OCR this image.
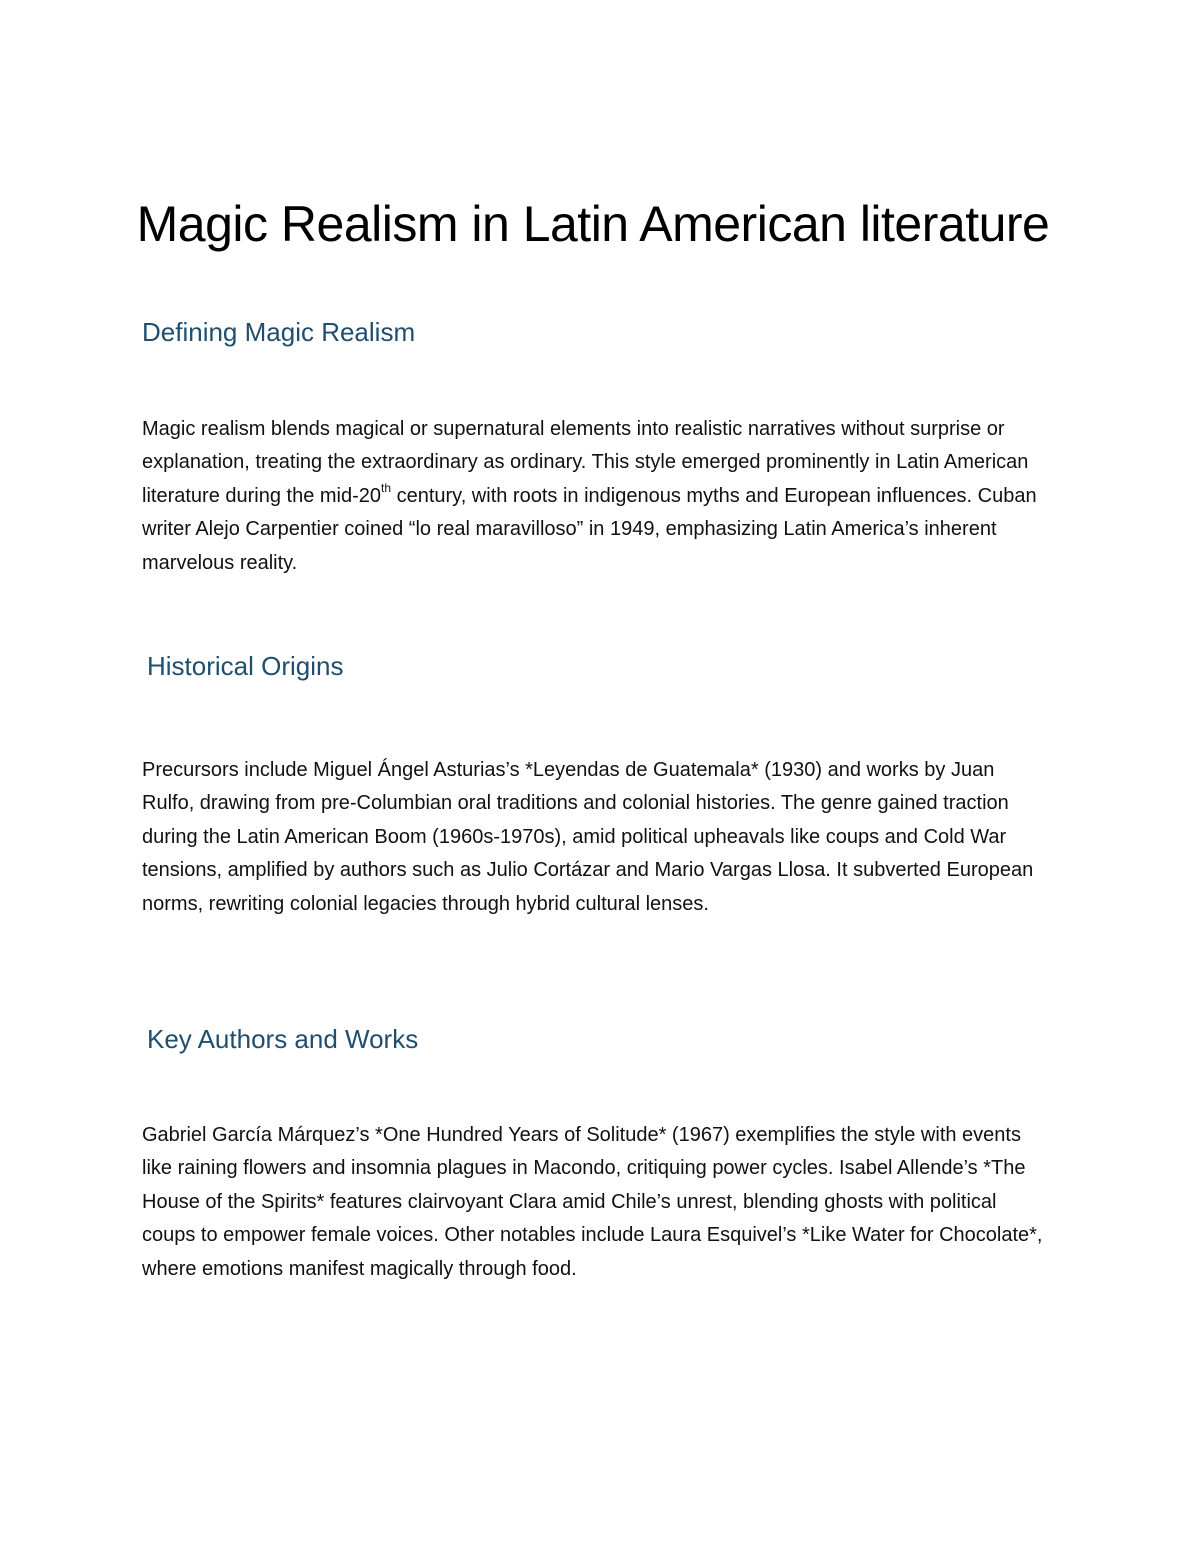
Magic Realism in Latin American literature
Defining Magic Realism

Magic realism blends magical or supernatural elements into realistic narratives without surprise or explanation, treating the extraordinary as ordinary. This style emerged prominently in Latin American literature during the mid-20th century, with roots in indigenous myths and European influences. Cuban writer Alejo Carpentier coined “lo real maravilloso” in 1949, emphasizing Latin America’s inherent marvelous reality.

Historical Origins

Precursors include Miguel Ángel Asturias’s *Leyendas de Guatemala* (1930) and works by Juan Rulfo, drawing from pre-Columbian oral traditions and colonial histories. The genre gained traction during the Latin American Boom (1960s-1970s), amid political upheavals like coups and Cold War tensions, amplified by authors such as Julio Cortázar and Mario Vargas Llosa. It subverted European norms, rewriting colonial legacies through hybrid cultural lenses.

Key Authors and Works

Gabriel García Márquez’s *One Hundred Years of Solitude* (1967) exemplifies the style with events like raining flowers and insomnia plagues in Macondo, critiquing power cycles. Isabel Allende’s *The House of the Spirits* features clairvoyant Clara amid Chile’s unrest, blending ghosts with political coups to empower female voices. Other notables include Laura Esquivel’s *Like Water for Chocolate*, where emotions manifest magically through food.
